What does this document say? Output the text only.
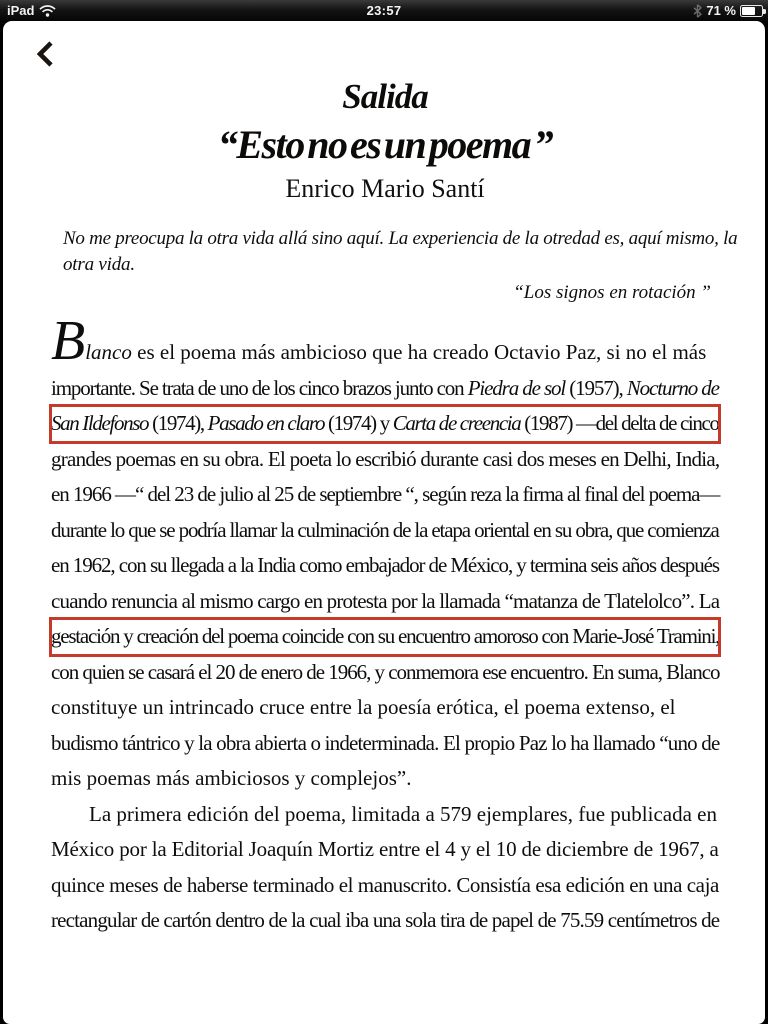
iPad	23:57	71 %
Salida
“Esto no es un poema ”
Enrico Mario Santí
No me preocupa la otra vida allá sino aquí. La experiencia de la otredad es, aquí mismo, la
otra vida.
“Los signos en rotación ”
Blanco es el poema más ambicioso que ha creado Octavio Paz, si no el más
importante. Se trata de uno de los cinco brazos junto con Piedra de sol (1957), Nocturno de
San Ildefonso (1974), Pasado en claro (1974) y Carta de creencia (1987) —del delta de cinco
grandes poemas en su obra. El poeta lo escribió durante casi dos meses en Delhi, India,
en 1966 —“ del 23 de julio al 25 de septiembre “, según reza la firma al final del poema—
durante lo que se podría llamar la culminación de la etapa oriental en su obra, que comienza
en 1962, con su llegada a la India como embajador de México, y termina seis años después
cuando renuncia al mismo cargo en protesta por la llamada “matanza de Tlatelolco”. La
gestación y creación del poema coincide con su encuentro amoroso con Marie-José Tramini,
con quien se casará el 20 de enero de 1966, y conmemora ese encuentro. En suma, Blanco
constituye un intrincado cruce entre la poesía erótica, el poema extenso, el
budismo tántrico y la obra abierta o indeterminada. El propio Paz lo ha llamado “uno de
mis poemas más ambiciosos y complejos”.
La primera edición del poema, limitada a 579 ejemplares, fue publicada en
México por la Editorial Joaquín Mortiz entre el 4 y el 10 de diciembre de 1967, a
quince meses de haberse terminado el manuscrito. Consistía esa edición en una caja
rectangular de cartón dentro de la cual iba una sola tira de papel de 75.59 centímetros de
